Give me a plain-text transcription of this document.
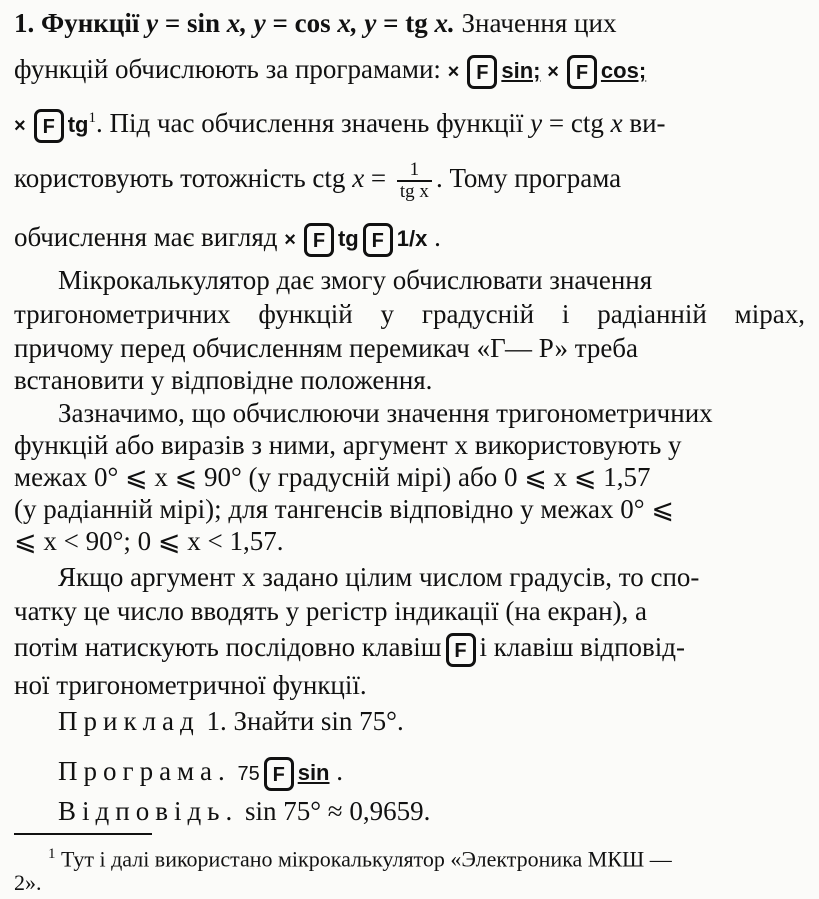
1. Функції y = sin x, y = cos x, y = tg x. Значення цих
функцій обчислюють за програмами: × F sin; × F cos;
× F $tg^1$. Під час обчислення значень функції y = ctg x ви-
користовують тотожність ctg $x = \frac{1}{\text{tg x}}$ . Тому програма
обчислення має вигляд × F tg F 1/x .
Мікрокалькулятор дає змогу обчислювати значення
тригонометричних функцій у градусній і радіанній мірах,
причому перед обчисленням перемикач «Г— Р» треба
встановити у відповідне положення.
Зазначимо, що обчислюючи значення тригонометричних
функцій або виразів з ними, аргумент x використовують у
межах 0° ⩽ x ⩽ 90° (у градусній мірі) або 0 ⩽ x ⩽ 1,57
(у радіанній мірі); для тангенсів відповідно у межах 0° ⩽
⩽ x < 90°; 0 ⩽ x < 1,57.
Якщо аргумент x задано цілим числом градусів, то спо-
чатку це число вводять у регістр індикації (на екран), а
потім натискують послідовно клавіш F і клавіш відповід-
ної тригонометричної функції.
Приклад 1. Знайти sin 75°.
Програма. 75 F sin .
Відповідь. sin 75° ≈ 0,9659.
$^1$ Тут і далі використано мікрокалькулятор «Электроника МКШ —
2».
